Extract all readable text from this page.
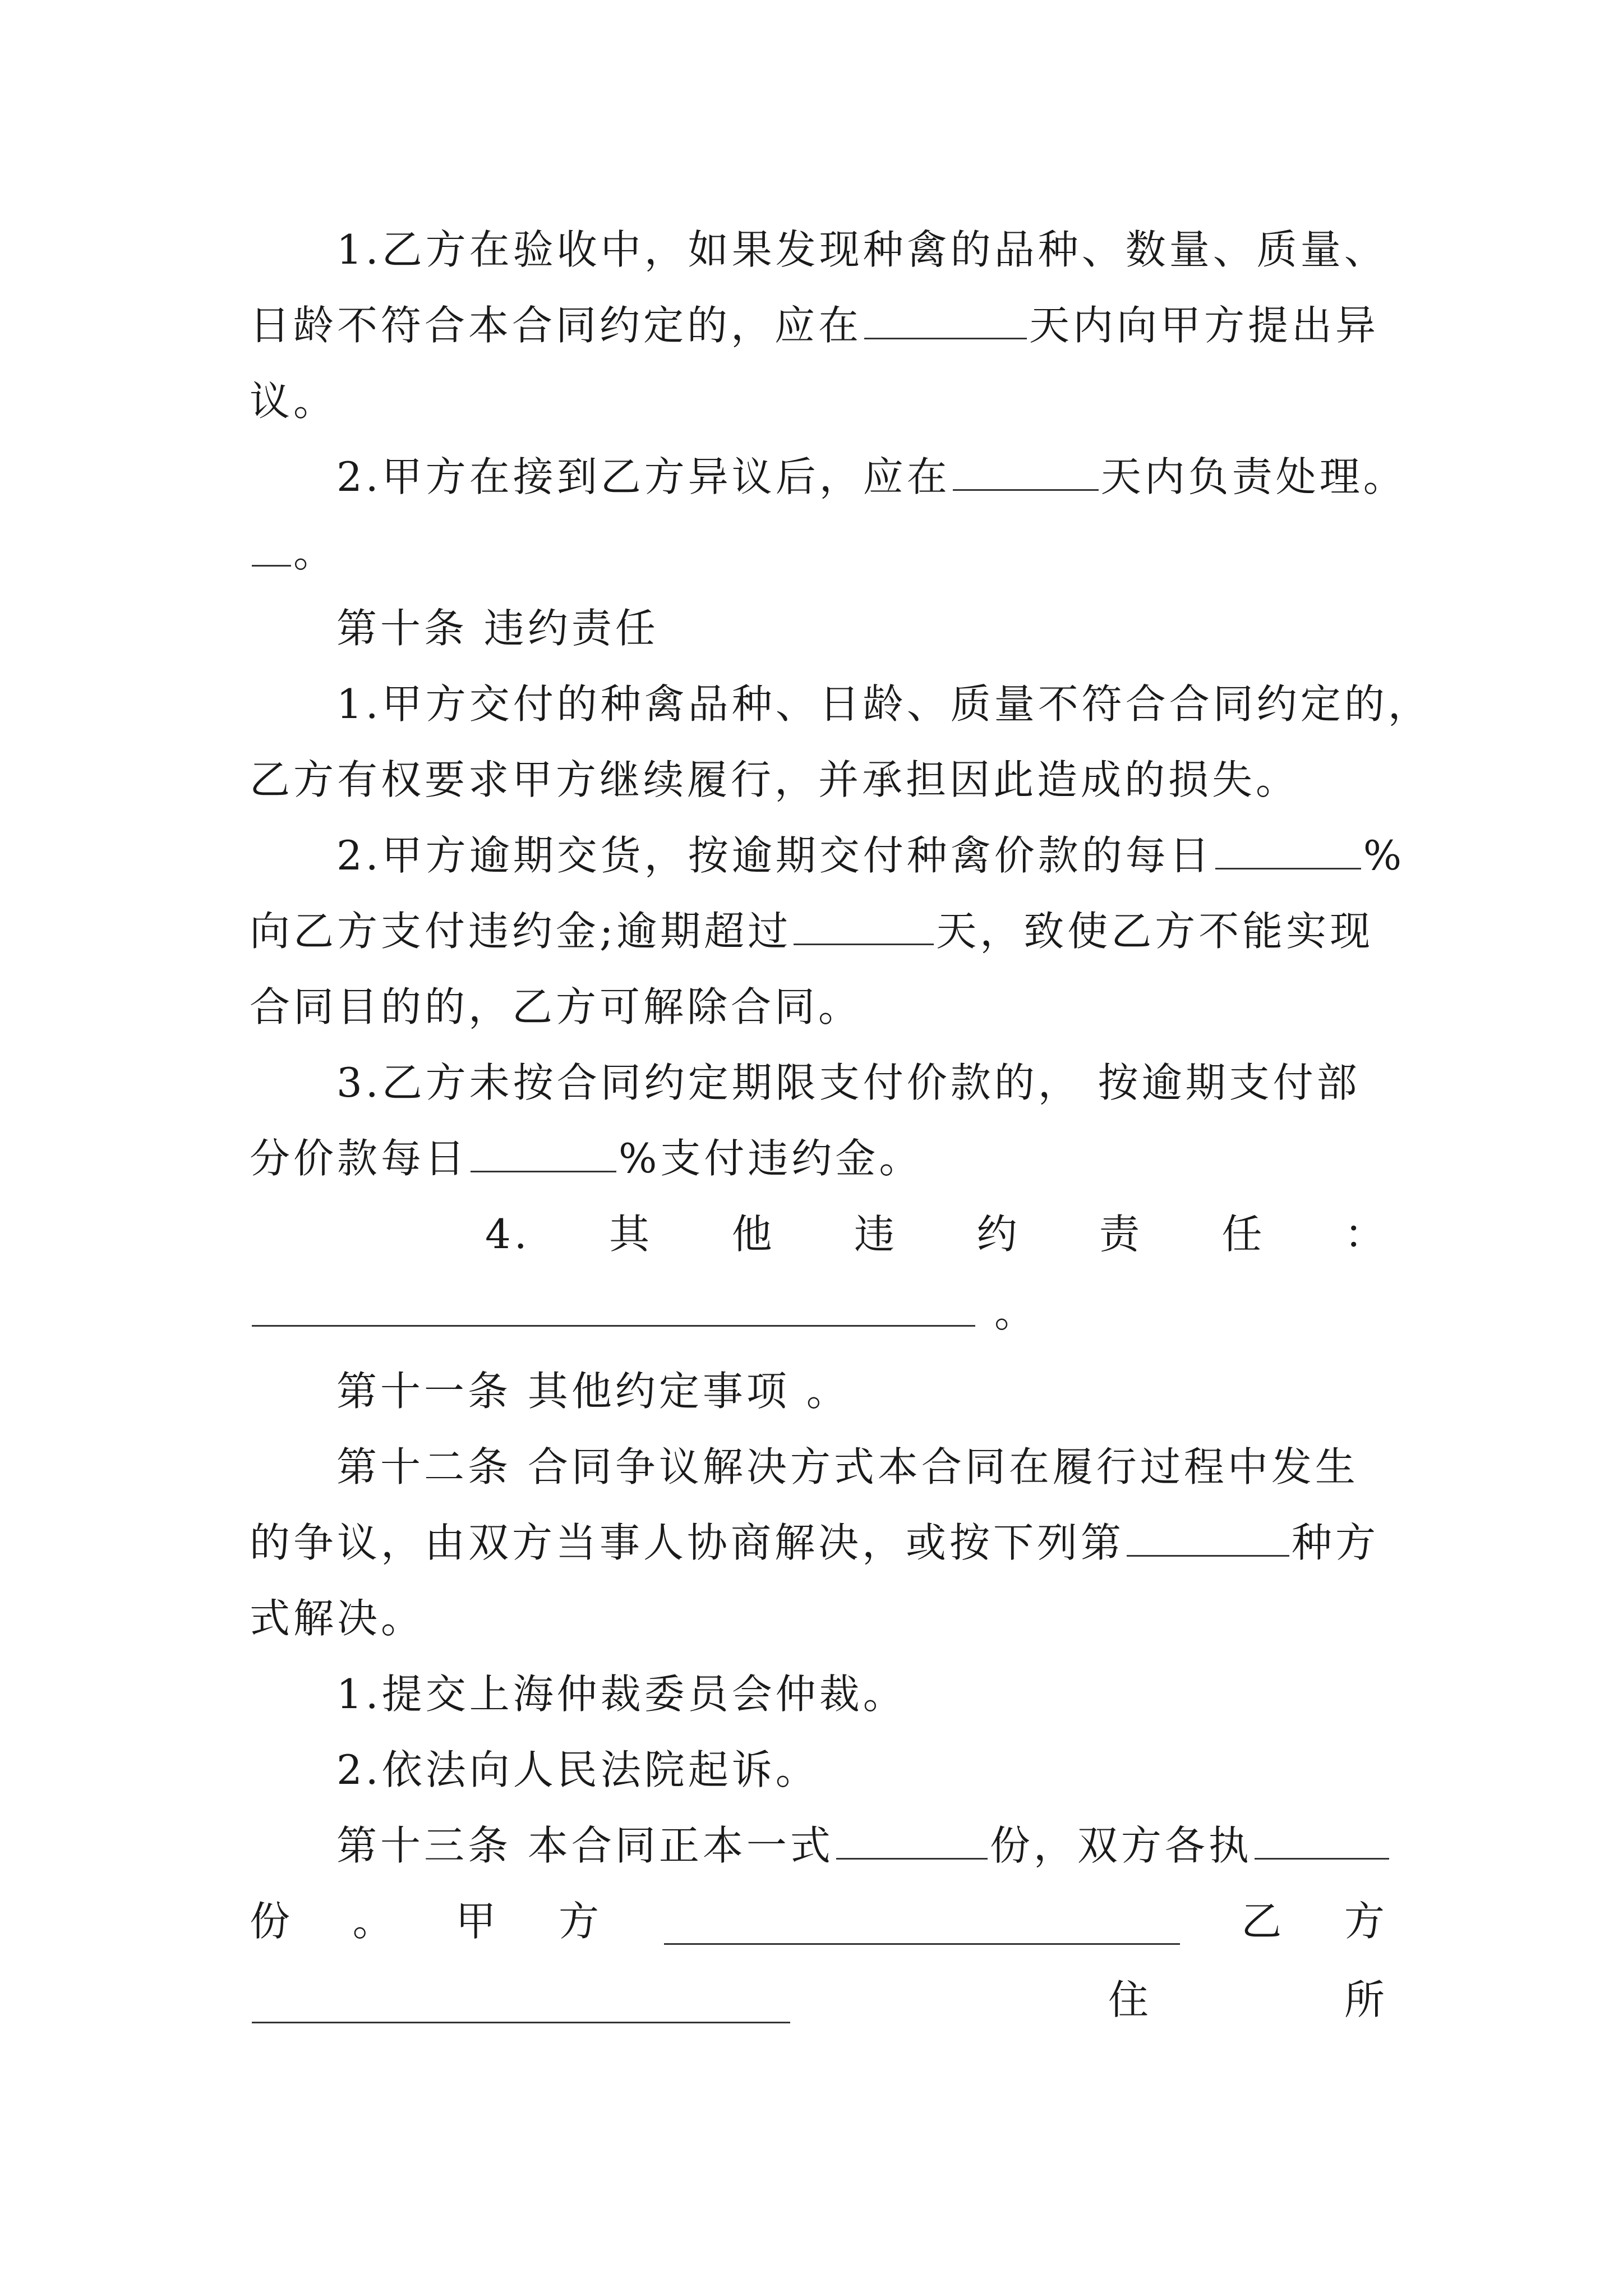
1.乙方在验收中，如果发现种禽的品种、数量、质量、
日龄不符合本合同约定的，应在	天内向甲方提出异
议。
2.甲方在接到乙方异议后，应在	天内负责处理。
。
第十条 违约责任
1.甲方交付的种禽品种、日龄、质量不符合合同约定的，
乙方有权要求甲方继续履行，并承担因此造成的损失。
2.甲方逾期交货，按逾期交付种禽价款的每日	%
向乙方支付违约金;逾期超过	天，致使乙方不能实现
合同目的的，乙方可解除合同。
3.乙方未按合同约定期限支付价款的， 按逾期支付部
分价款每日	%支付违约金。
4. 其 他 违 约 责 任 ：
。
第十一条 其他约定事项 。
第十二条 合同争议解决方式本合同在履行过程中发生
的争议，由双方当事人协商解决，或按下列第	种方
式解决。
1.提交上海仲裁委员会仲裁。
2.依法向人民法院起诉。
第十三条 本合同正本一式	份，双方各执
份 。 甲 方	乙 方
住	所
